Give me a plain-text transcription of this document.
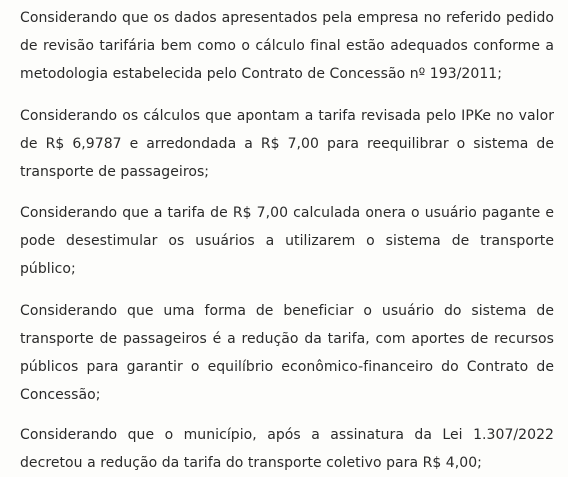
Considerando que os dados apresentados pela empresa no referido pedido de revisão tarifária bem como o cálculo final estão adequados conforme a metodologia estabelecida pelo Contrato de Concessão nº 193/2011;

Considerando os cálculos que apontam a tarifa revisada pelo IPKe no valor de R$ 6,9787 e arredondada a R$ 7,00 para reequilibrar o sistema de transporte de passageiros;

Considerando que a tarifa de R$ 7,00 calculada onera o usuário pagante e pode desestimular os usuários a utilizarem o sistema de transporte público;

Considerando que uma forma de beneficiar o usuário do sistema de transporte de passageiros é a redução da tarifa, com aportes de recursos públicos para garantir o equilíbrio econômico-financeiro do Contrato de Concessão;

Considerando que o município, após a assinatura da Lei 1.307/2022 decretou a redução da tarifa do transporte coletivo para R$ 4,00;
